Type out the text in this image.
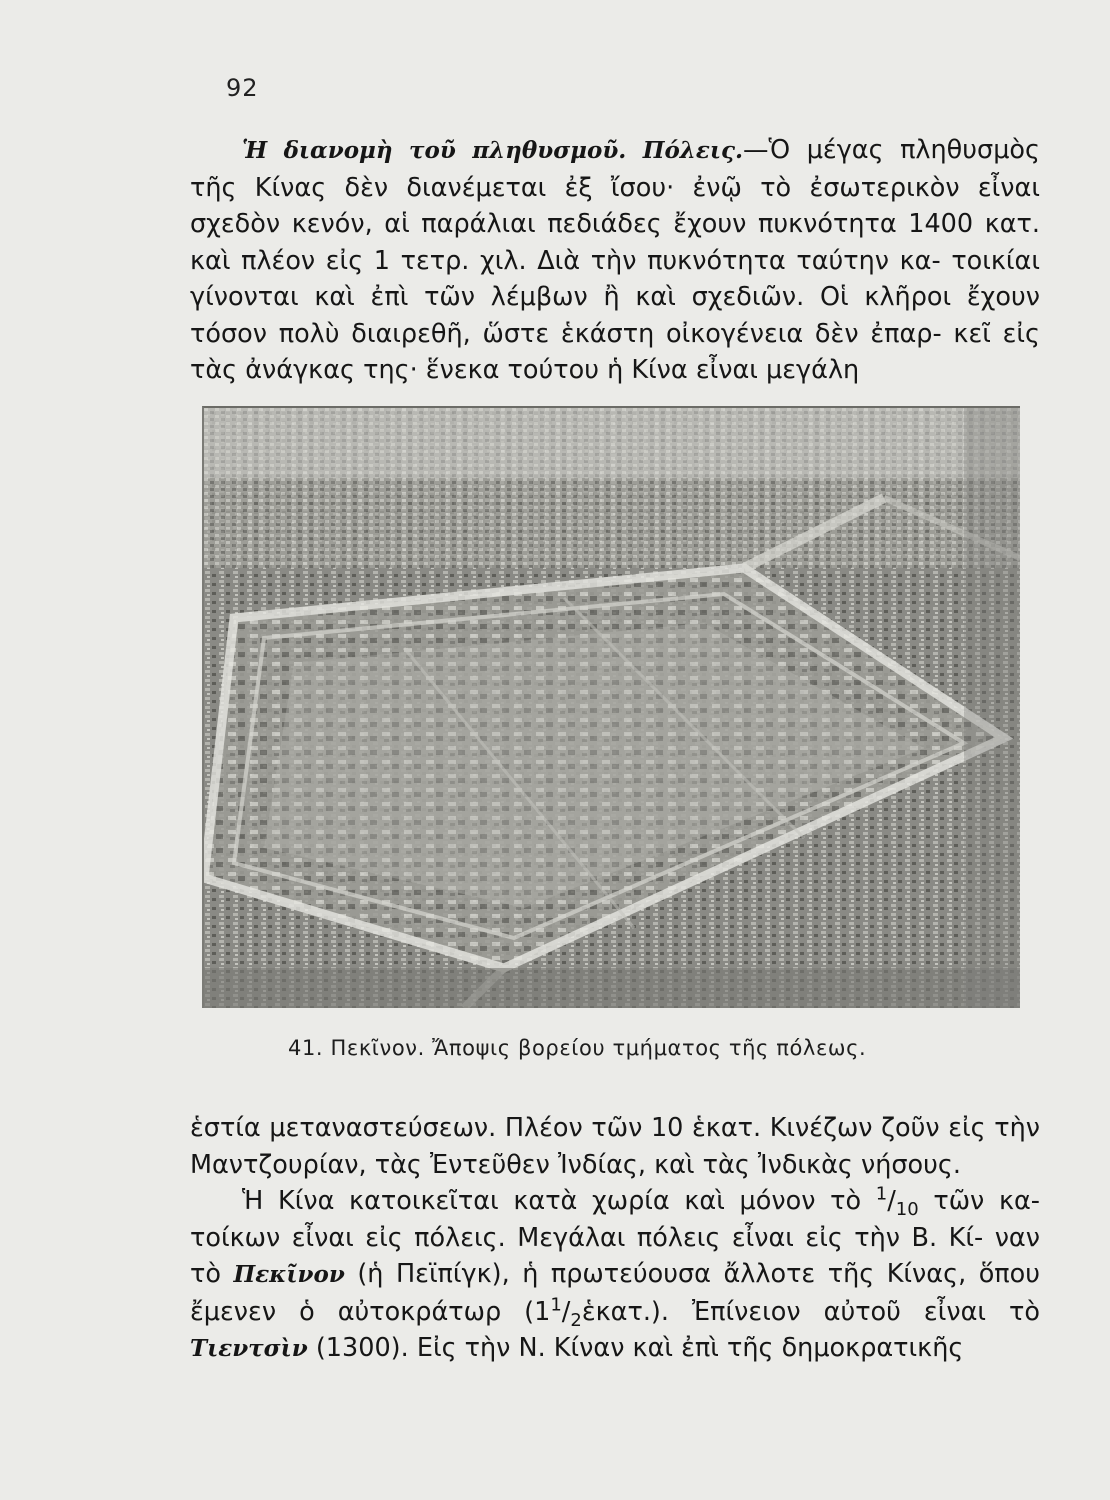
92

Ἡ διανομὴ τοῦ πληθυσμοῦ. Πόλεις.—Ὁ μέγας πληθυσμὸς τῆς Κίνας δὲν διανέμεται ἐξ ἴσου· ἐνῷ τὸ ἐσωτερικὸν εἶναι σχεδὸν κενόν, αἱ παράλιαι πεδιάδες ἔχουν πυκνότητα 1400 κατ. καὶ πλέον εἰς 1 τετρ. χιλ. Διὰ τὴν πυκνότητα ταύτην κα- τοικίαι γίνονται καὶ ἐπὶ τῶν λέμβων ἢ καὶ σχεδιῶν. Οἱ κλῆροι ἔχουν τόσον πολὺ διαιρεθῆ, ὥστε ἑκάστη οἰκογένεια δὲν ἐπαρ- κεῖ εἰς τὰς ἀνάγκας της· ἕνεκα τούτου ἡ Κίνα εἶναι μεγάλη

41. Πεκῖνον. Ἄποψις βορείου τμήματος τῆς πόλεως.

ἑστία μεταναστεύσεων. Πλέον τῶν 10 ἑκατ. Κινέζων ζοῦν εἰς τὴν Μαντζουρίαν, τὰς Ἐντεῦθεν Ἰνδίας, καὶ τὰς Ἰνδικὰς νήσους.

Ἡ Κίνα κατοικεῖται κατὰ χωρία καὶ μόνον τὸ $^1/_{10}$ τῶν κα- τοίκων εἶναι εἰς πόλεις. Μεγάλαι πόλεις εἶναι εἰς τὴν Β. Κί- ναν τὸ Πεκῖνον (ἡ Πεϊπίγκ), ἡ πρωτεύουσα ἄλλοτε τῆς Κίνας, ὅπου ἔμενεν ὁ αὐτοκράτωρ $(1^1/_2ἑ\kappa\alpha\tau.)$. Ἐπίνειον αὐτοῦ εἶναι τὸ Τιεντσὶν (1300). Εἰς τὴν Ν. Κίναν καὶ ἐπὶ τῆς δημοκρατικῆς
